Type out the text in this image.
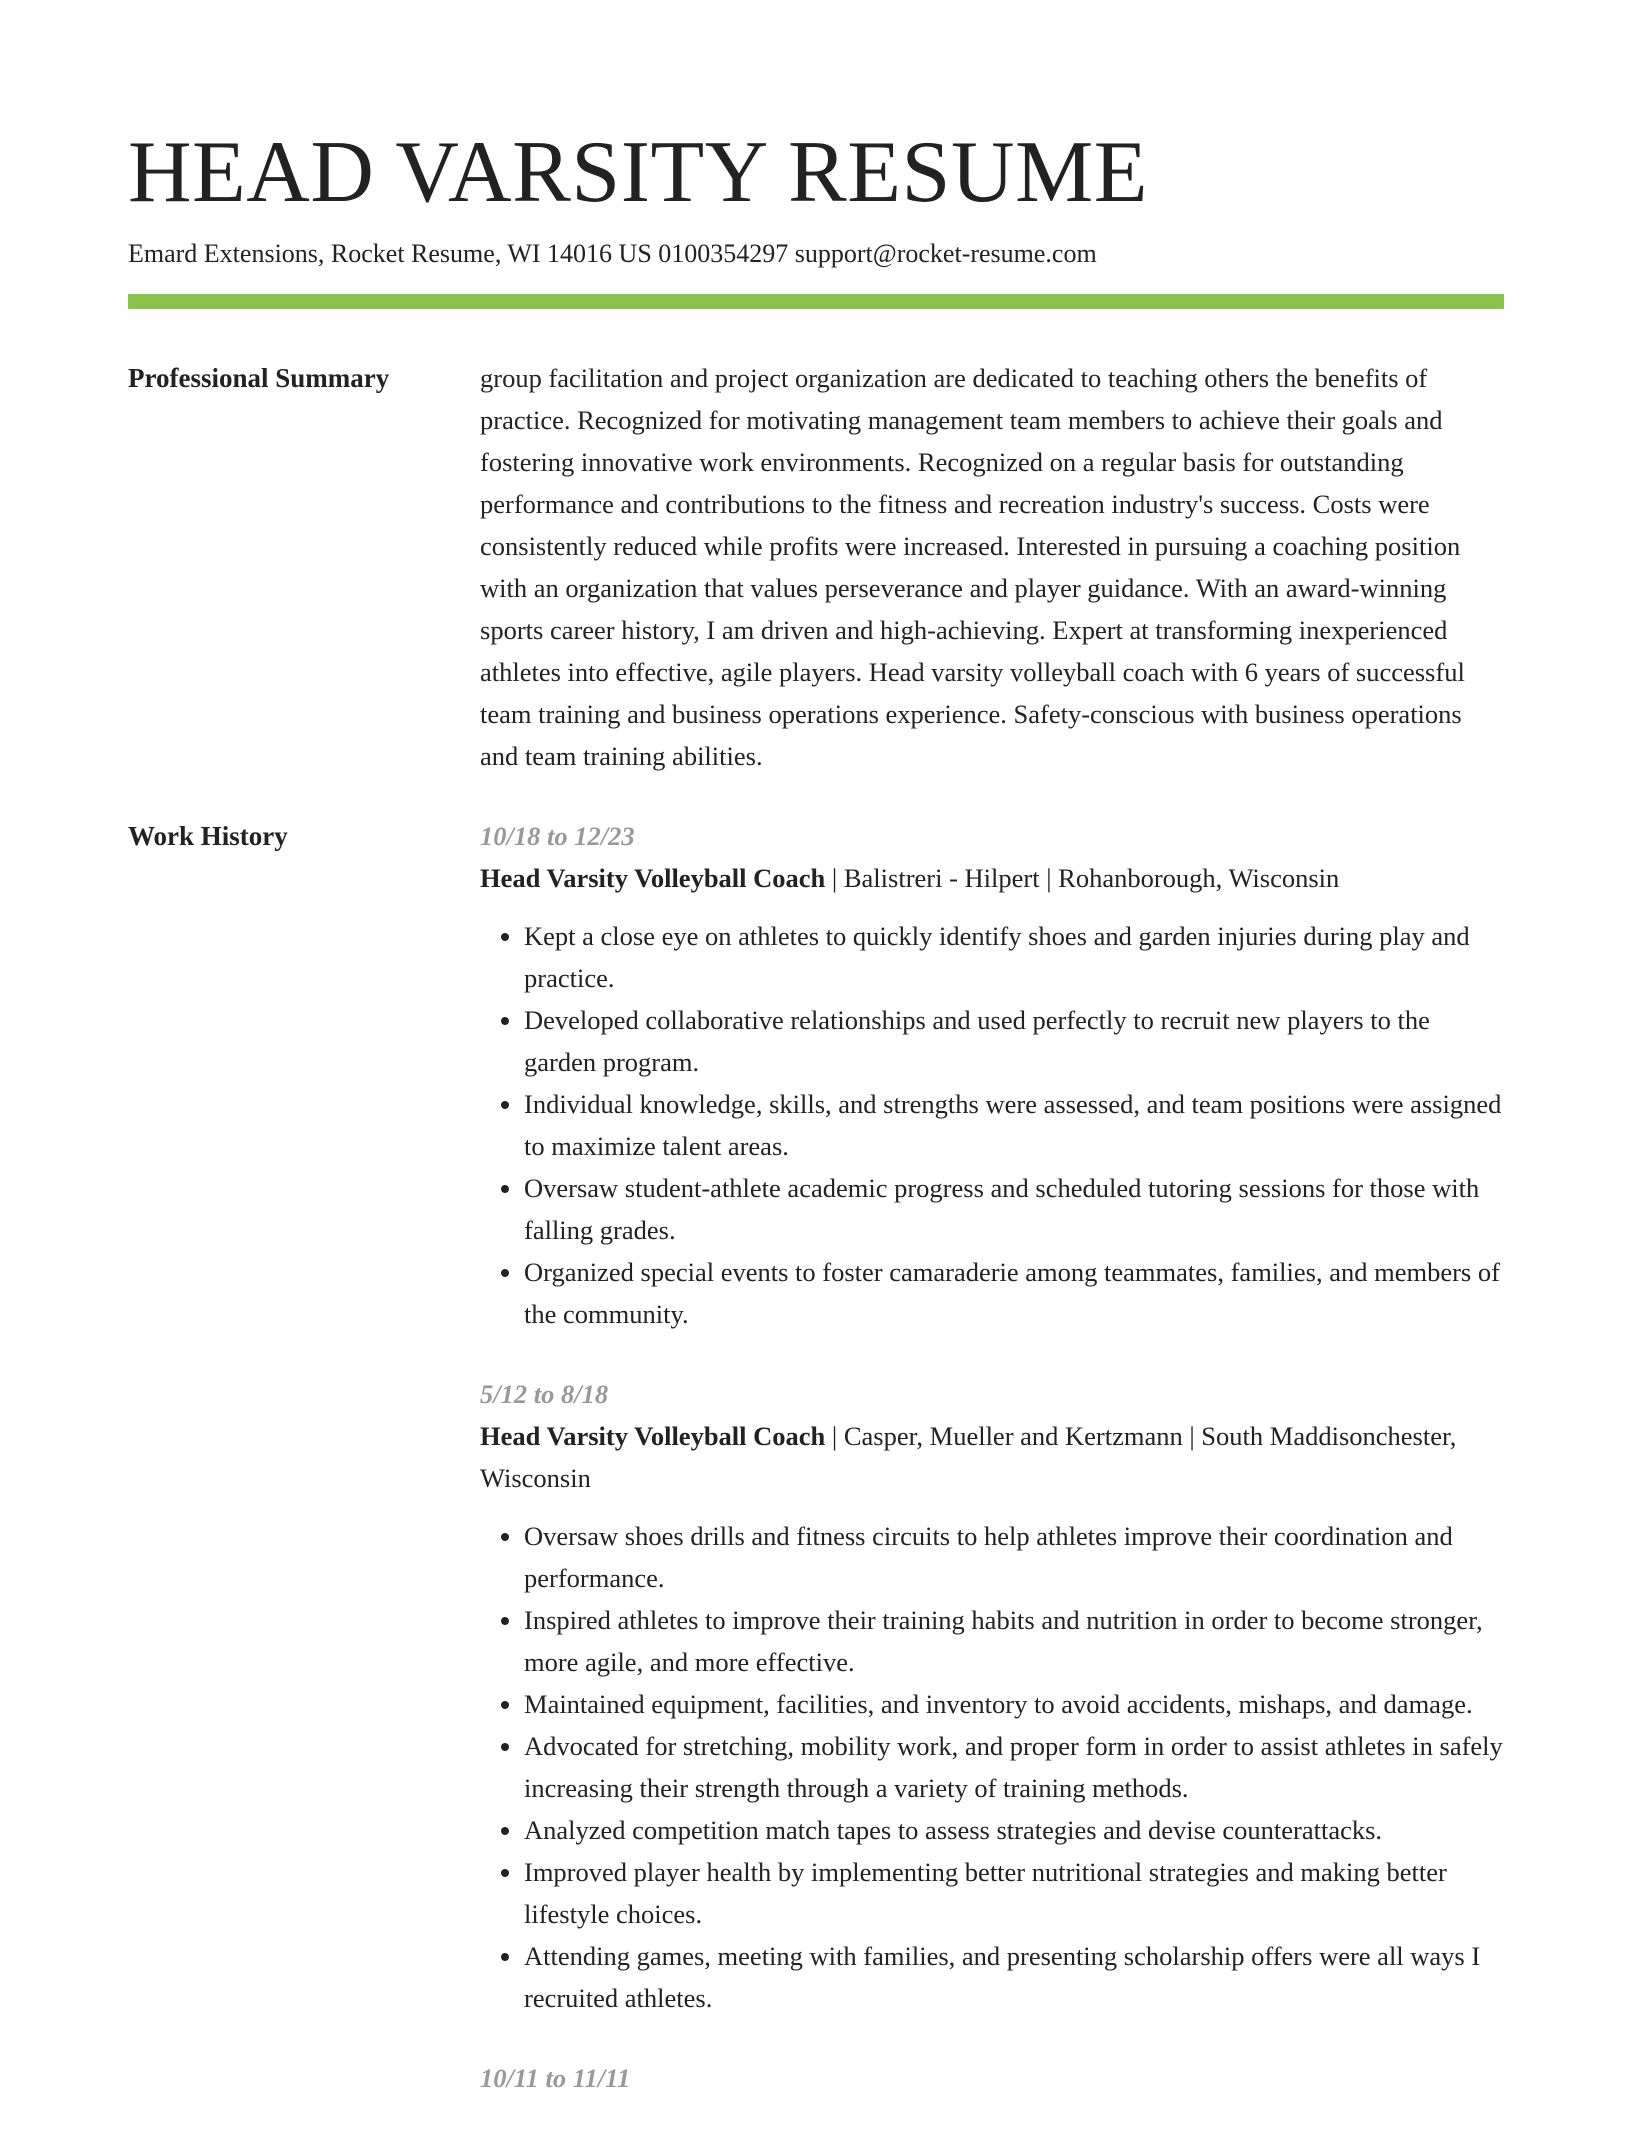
HEAD VARSITY RESUME
Emard Extensions, Rocket Resume, WI 14016 US 0100354297 support@rocket-resume.com
Professional Summary	group facilitation and project organization are dedicated to teaching others the benefits of practice. Recognized for motivating management team members to achieve their goals and fostering innovative work environments. Recognized on a regular basis for outstanding performance and contributions to the fitness and recreation industry's success. Costs were consistently reduced while profits were increased. Interested in pursuing a coaching position with an organization that values perseverance and player guidance. With an award-winning sports career history, I am driven and high-achieving. Expert at transforming inexperienced athletes into effective, agile players. Head varsity volleyball coach with 6 years of successful team training and business operations experience. Safety-conscious with business operations and team training abilities.

Work History	10/18 to 12/23

Head Varsity Volleyball Coach | Balistreri - Hilpert | Rohanborough, Wisconsin

• Kept a close eye on athletes to quickly identify shoes and garden injuries during play and practice.
• Developed collaborative relationships and used perfectly to recruit new players to the garden program.
• Individual knowledge, skills, and strengths were assessed, and team positions were assigned to maximize talent areas.
• Oversaw student-athlete academic progress and scheduled tutoring sessions for those with falling grades.
• Organized special events to foster camaraderie among teammates, families, and members of the community.
5/12 to 8/18

Head Varsity Volleyball Coach | Casper, Mueller and Kertzmann | South Maddisonchester, Wisconsin

• Oversaw shoes drills and fitness circuits to help athletes improve their coordination and performance.
• Inspired athletes to improve their training habits and nutrition in order to become stronger, more agile, and more effective.
• Maintained equipment, facilities, and inventory to avoid accidents, mishaps, and damage.
• Advocated for stretching, mobility work, and proper form in order to assist athletes in safely increasing their strength through a variety of training methods.
• Analyzed competition match tapes to assess strategies and devise counterattacks.
• Improved player health by implementing better nutritional strategies and making better lifestyle choices.
• Attending games, meeting with families, and presenting scholarship offers were all ways I recruited athletes.
10/11 to 11/11
